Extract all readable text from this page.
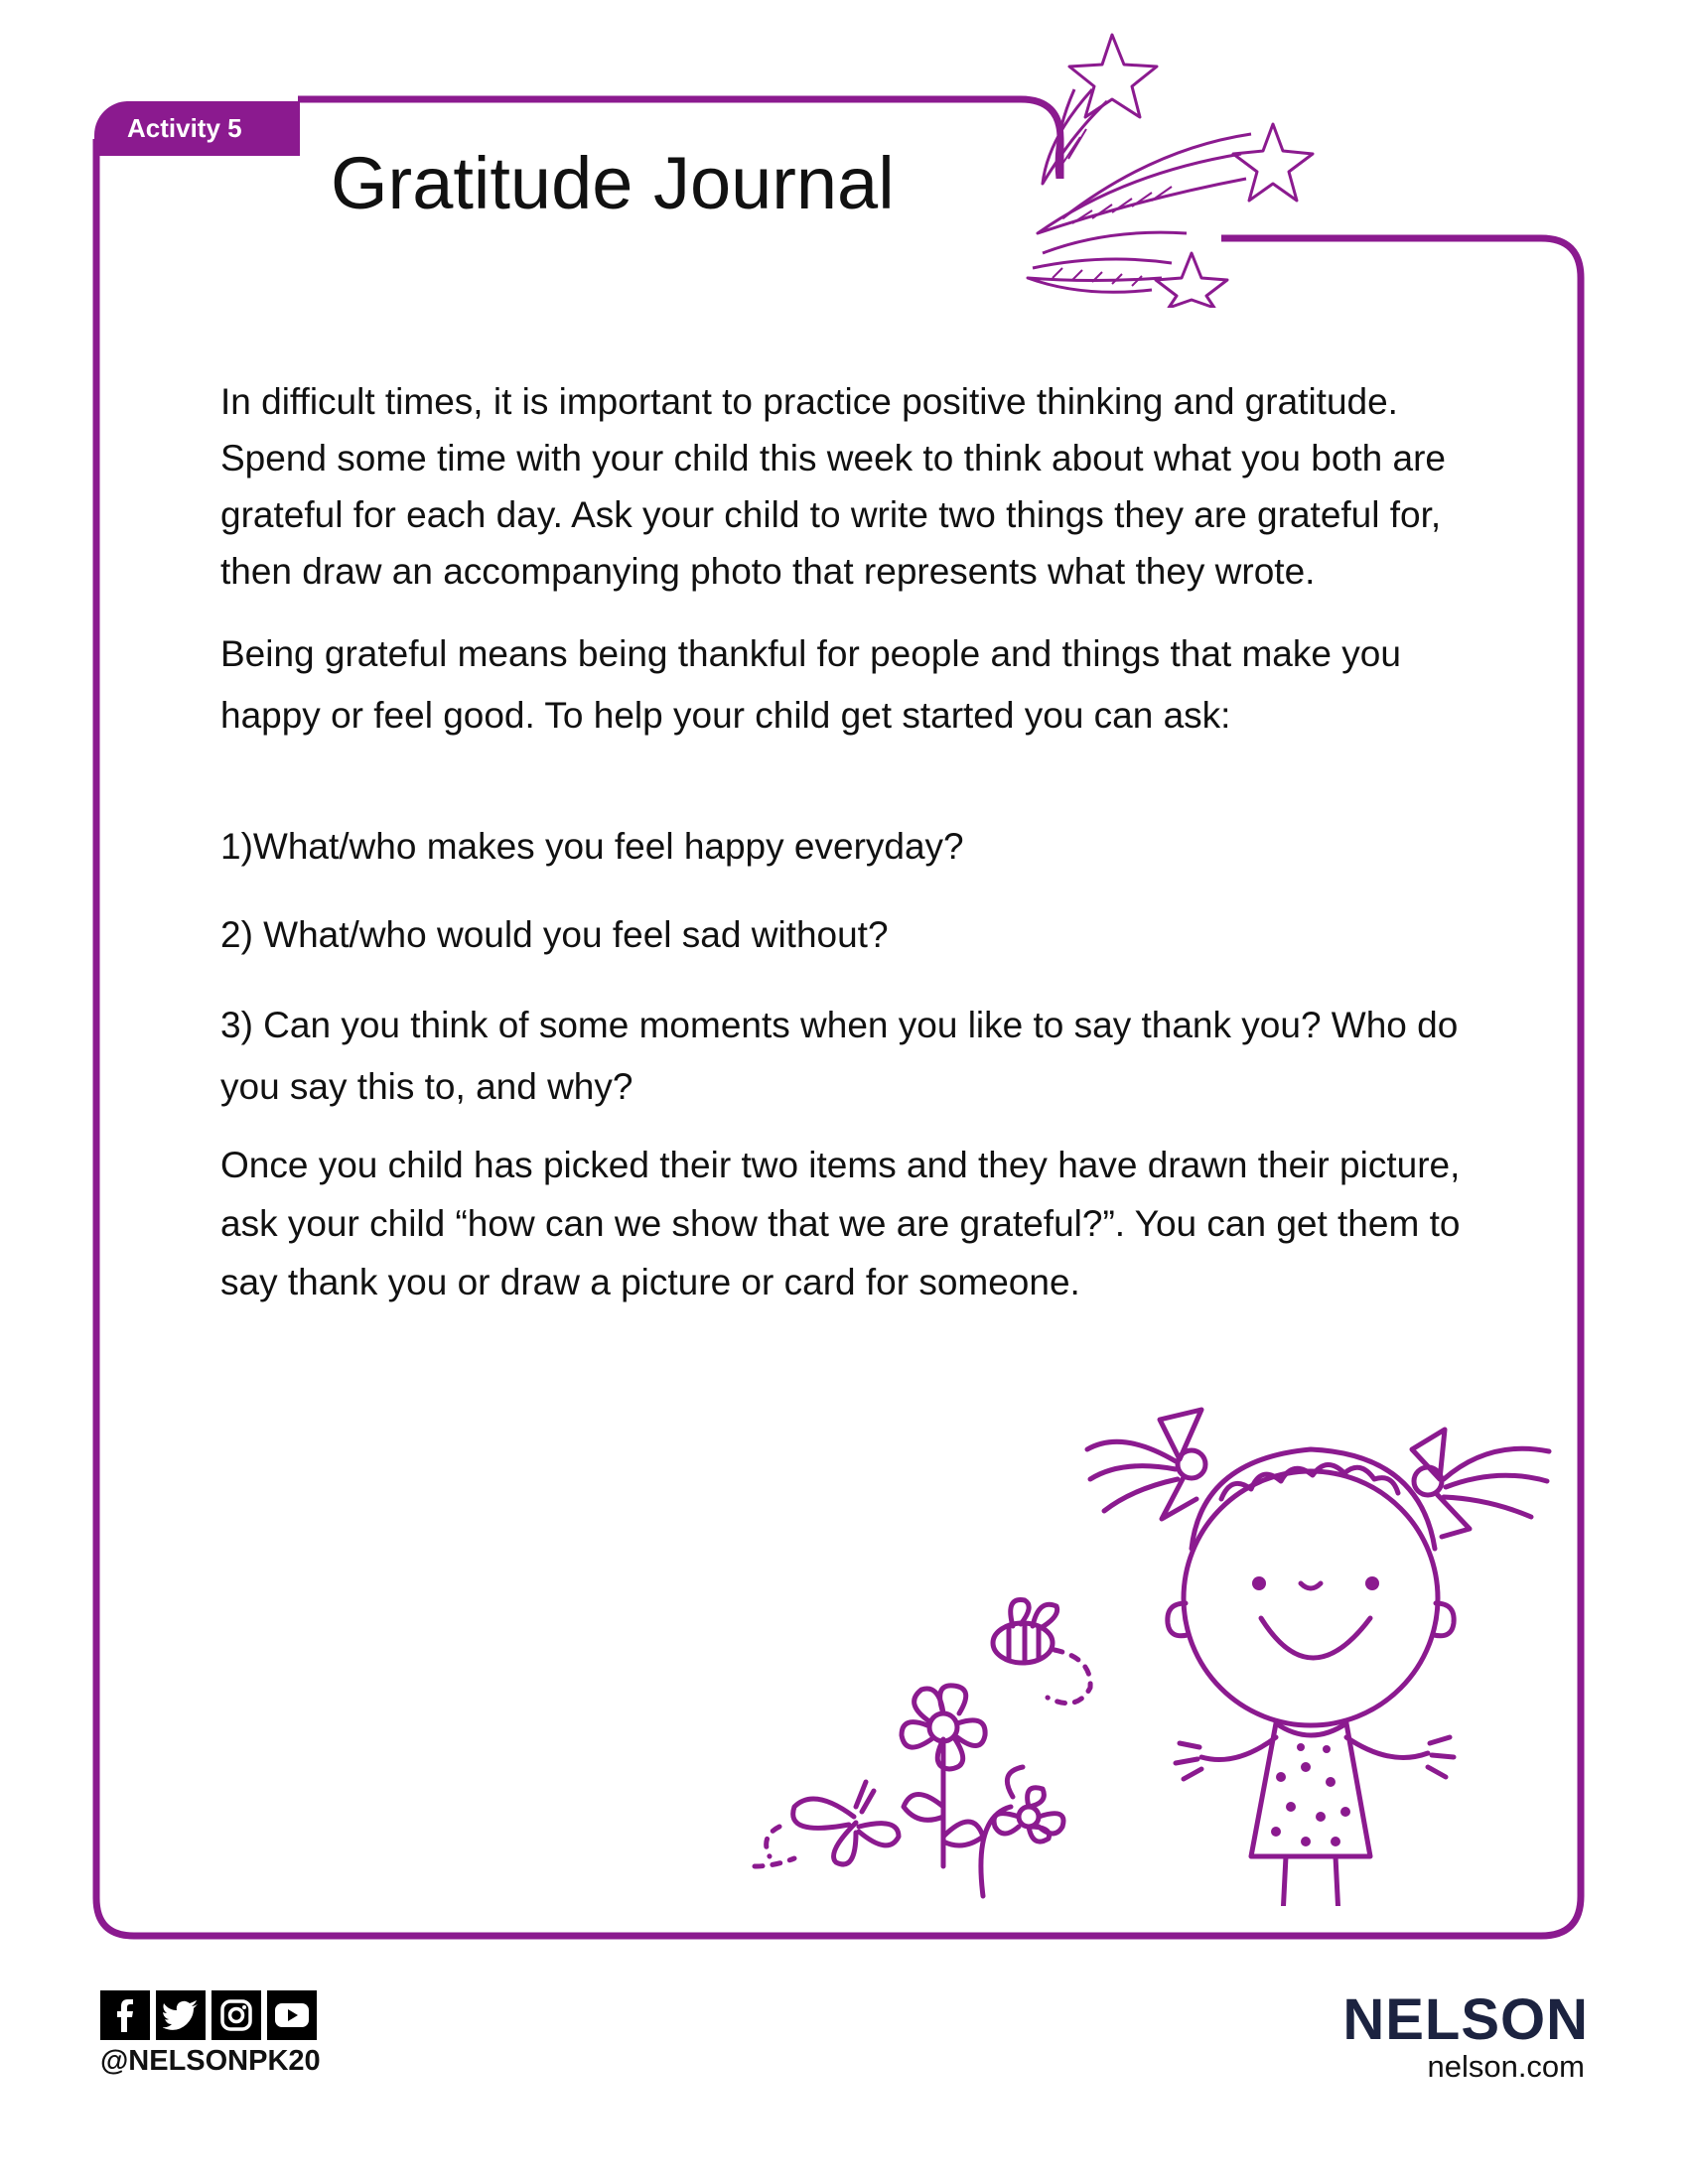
Activity 5
Gratitude Journal

In difficult times, it is important to practice positive thinking and gratitude. Spend some time with your child this week to think about what you both are grateful for each day. Ask your child to write two things they are grateful for, then draw an accompanying photo that represents what they wrote.

Being grateful means being thankful for people and things that make you happy or feel good. To help your child get started you can ask:

1)What/who makes you feel happy everyday?

2) What/who would you feel sad without?

3) Can you think of some moments when you like to say thank you? Who do you say this to, and why?

Once you child has picked their two items and they have drawn their picture, ask your child “how can we show that we are grateful?”. You can get them to say thank you or draw a picture or card for someone.

@NELSONPK20
NELSON
nelson.com
